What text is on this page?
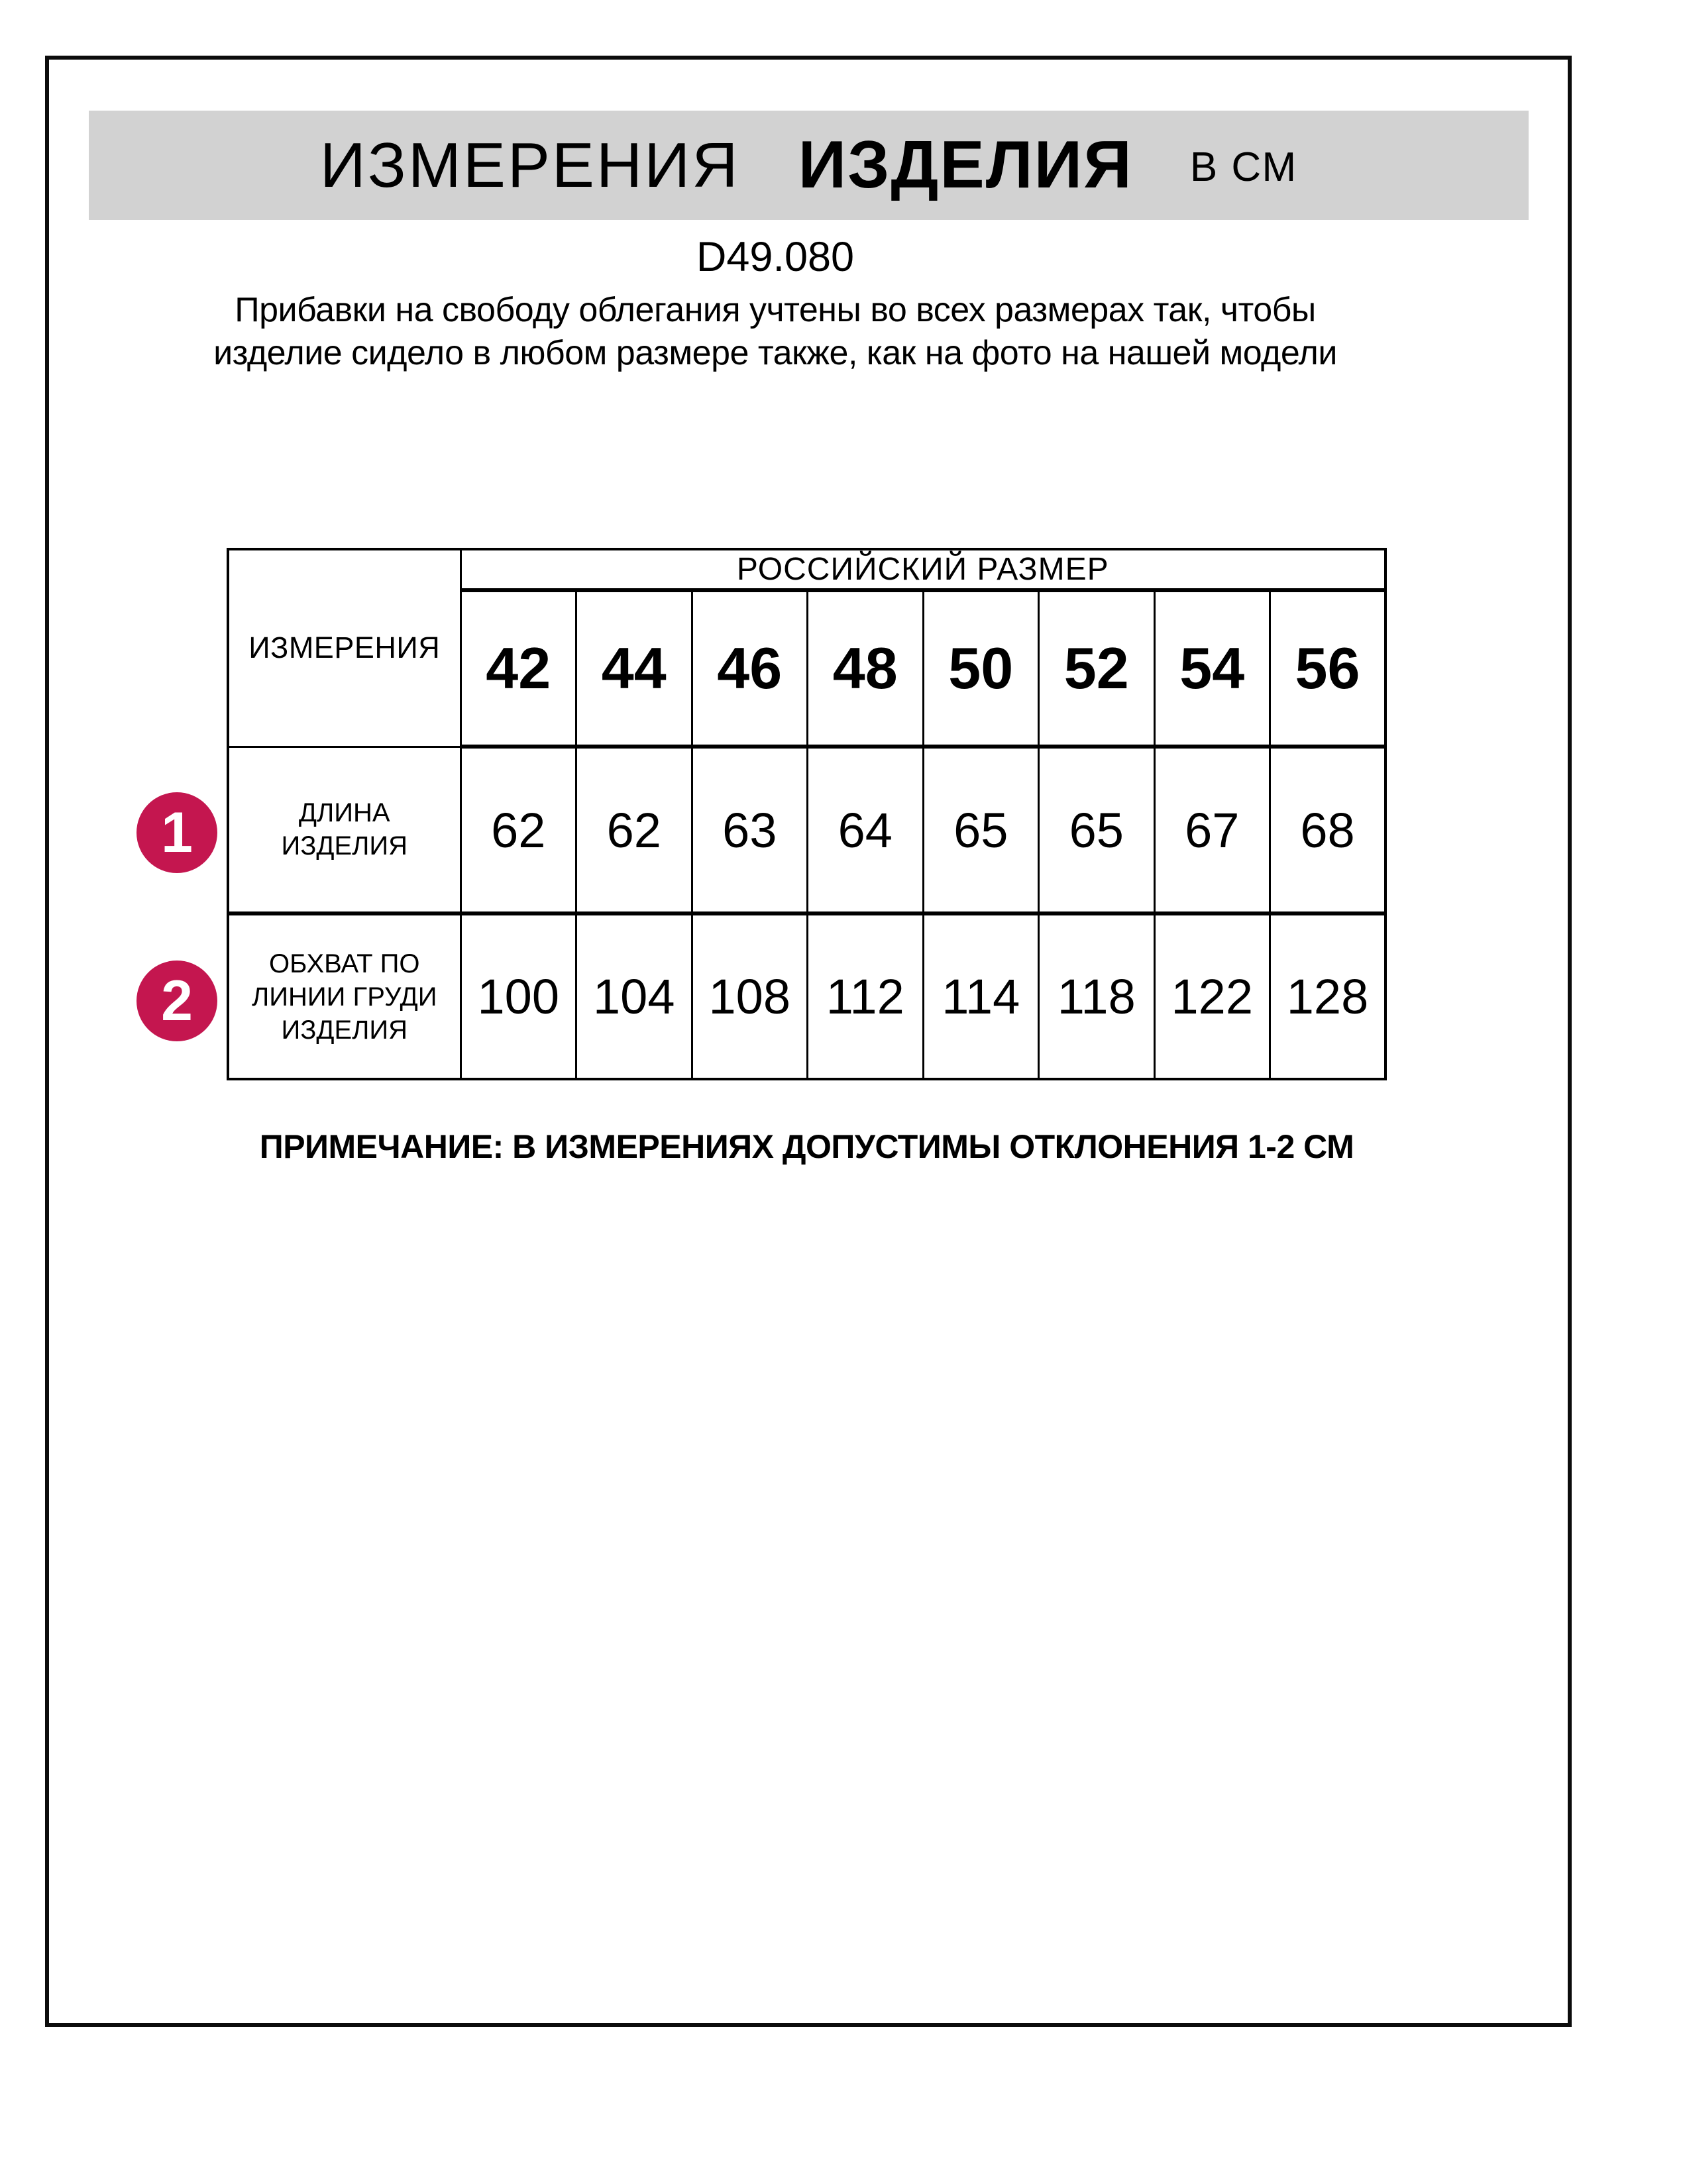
ИЗМЕРЕНИЯ ИЗДЕЛИЯ В СМ
D49.080
Прибавки на свободу облегания учтены во всех размерах так, чтобы изделие сидело в любом размере также, как на фото на нашей модели
ИЗМЕРЕНИЯ	РОССИЙСКИЙ РАЗМЕР							
	42	44	46	48	50	52	54	56
ДЛИНА ИЗДЕЛИЯ	62	62	63	64	65	65	67	68
ОБХВАТ ПО ЛИНИИ ГРУДИ ИЗДЕЛИЯ	100	104	108	112	114	118	122	128
1
2
ПРИМЕЧАНИЕ: В ИЗМЕРЕНИЯХ ДОПУСТИМЫ ОТКЛОНЕНИЯ 1-2 СМ
